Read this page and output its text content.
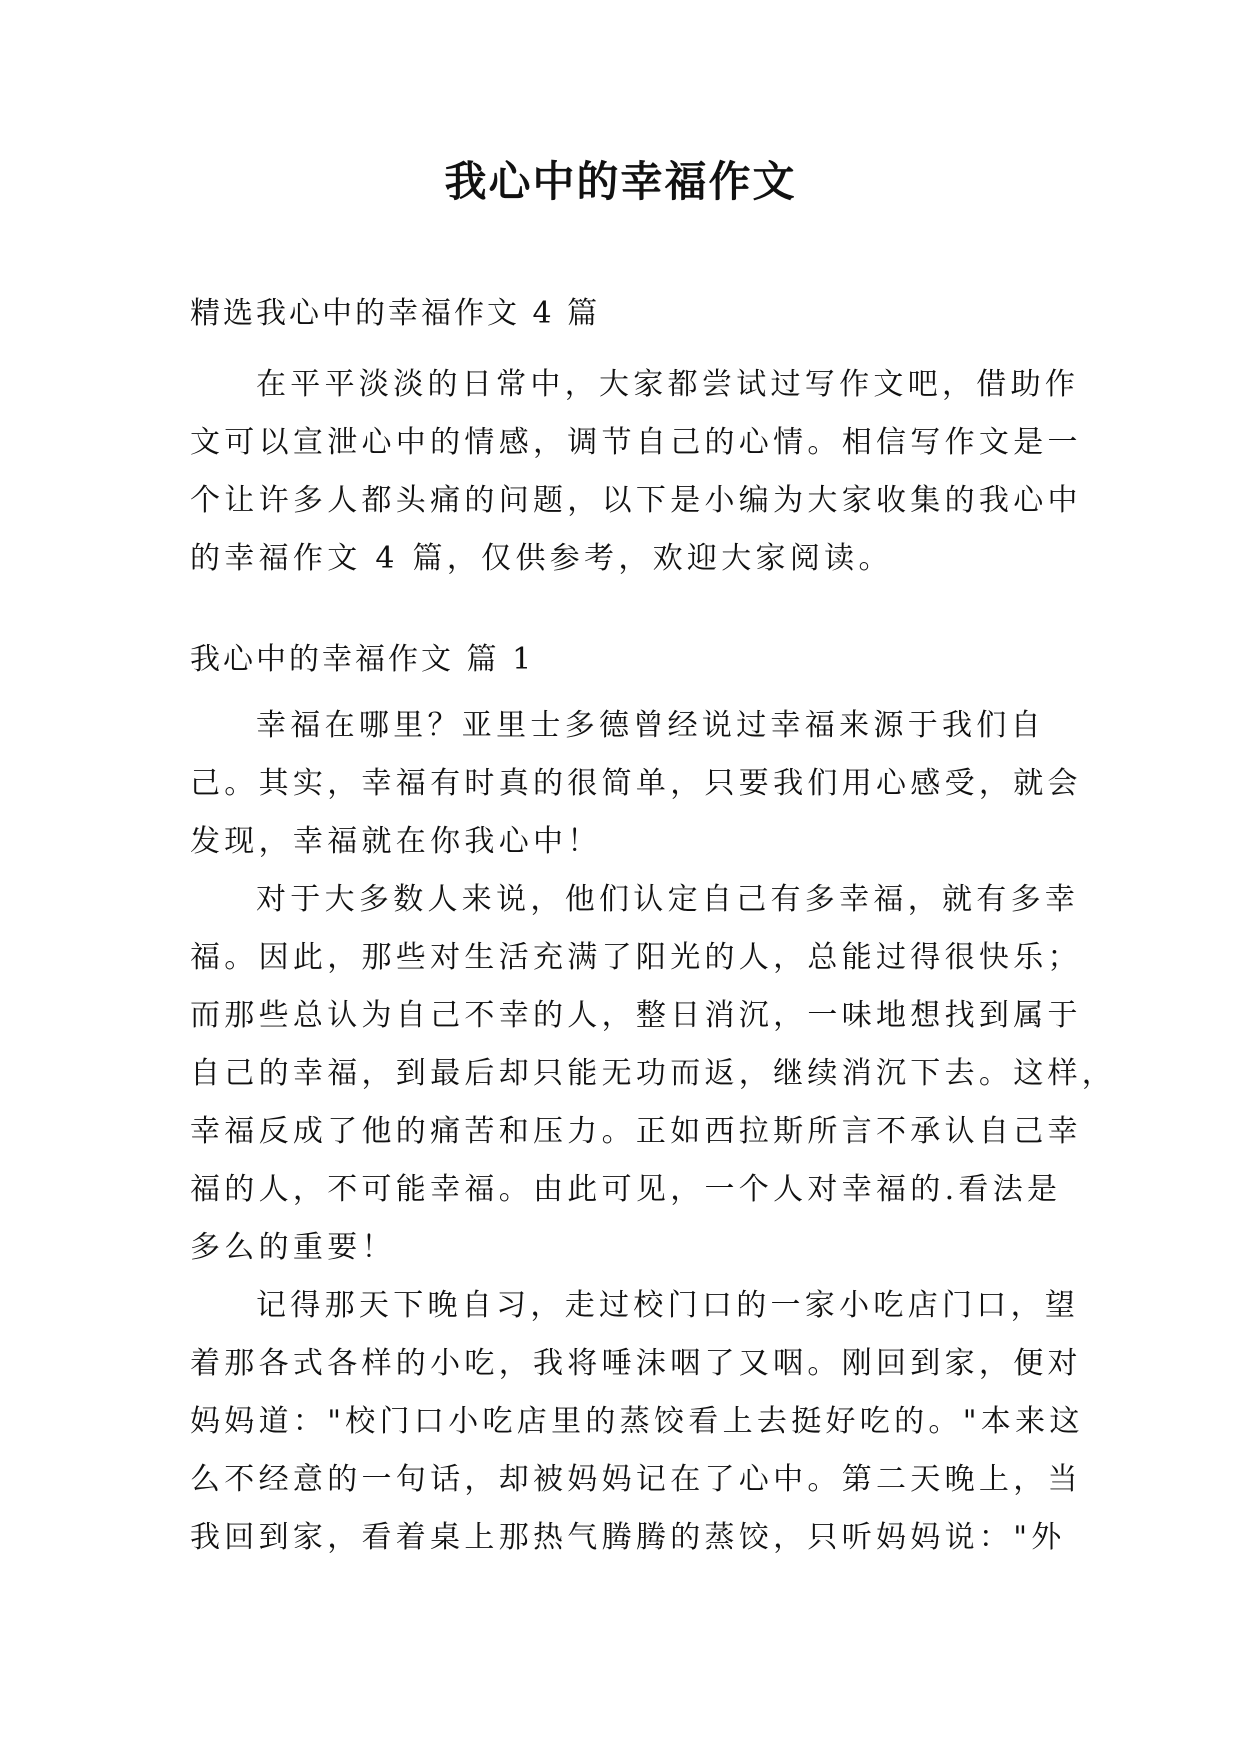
我心中的幸福作文

精选我心中的幸福作文 4 篇

在平平淡淡的日常中，大家都尝试过写作文吧，借助作
文可以宣泄心中的情感，调节自己的心情。相信写作文是一
个让许多人都头痛的问题，以下是小编为大家收集的我心中
的幸福作文 4 篇，仅供参考，欢迎大家阅读。

我心中的幸福作文 篇 1

幸福在哪里？亚里士多德曾经说过幸福来源于我们自
己。其实，幸福有时真的很简单，只要我们用心感受，就会
发现，幸福就在你我心中！
对于大多数人来说，他们认定自己有多幸福，就有多幸
福。因此，那些对生活充满了阳光的人，总能过得很快乐；
而那些总认为自己不幸的人，整日消沉，一味地想找到属于
自己的幸福，到最后却只能无功而返，继续消沉下去。这样，
幸福反成了他的痛苦和压力。正如西拉斯所言不承认自己幸
福的人，不可能幸福。由此可见，一个人对幸福的.看法是
多么的重要！
记得那天下晚自习，走过校门口的一家小吃店门口，望
着那各式各样的小吃，我将唾沫咽了又咽。刚回到家，便对
妈妈道："校门口小吃店里的蒸饺看上去挺好吃的。"本来这
么不经意的一句话，却被妈妈记在了心中。第二天晚上，当
我回到家，看着桌上那热气腾腾的蒸饺，只听妈妈说："外
